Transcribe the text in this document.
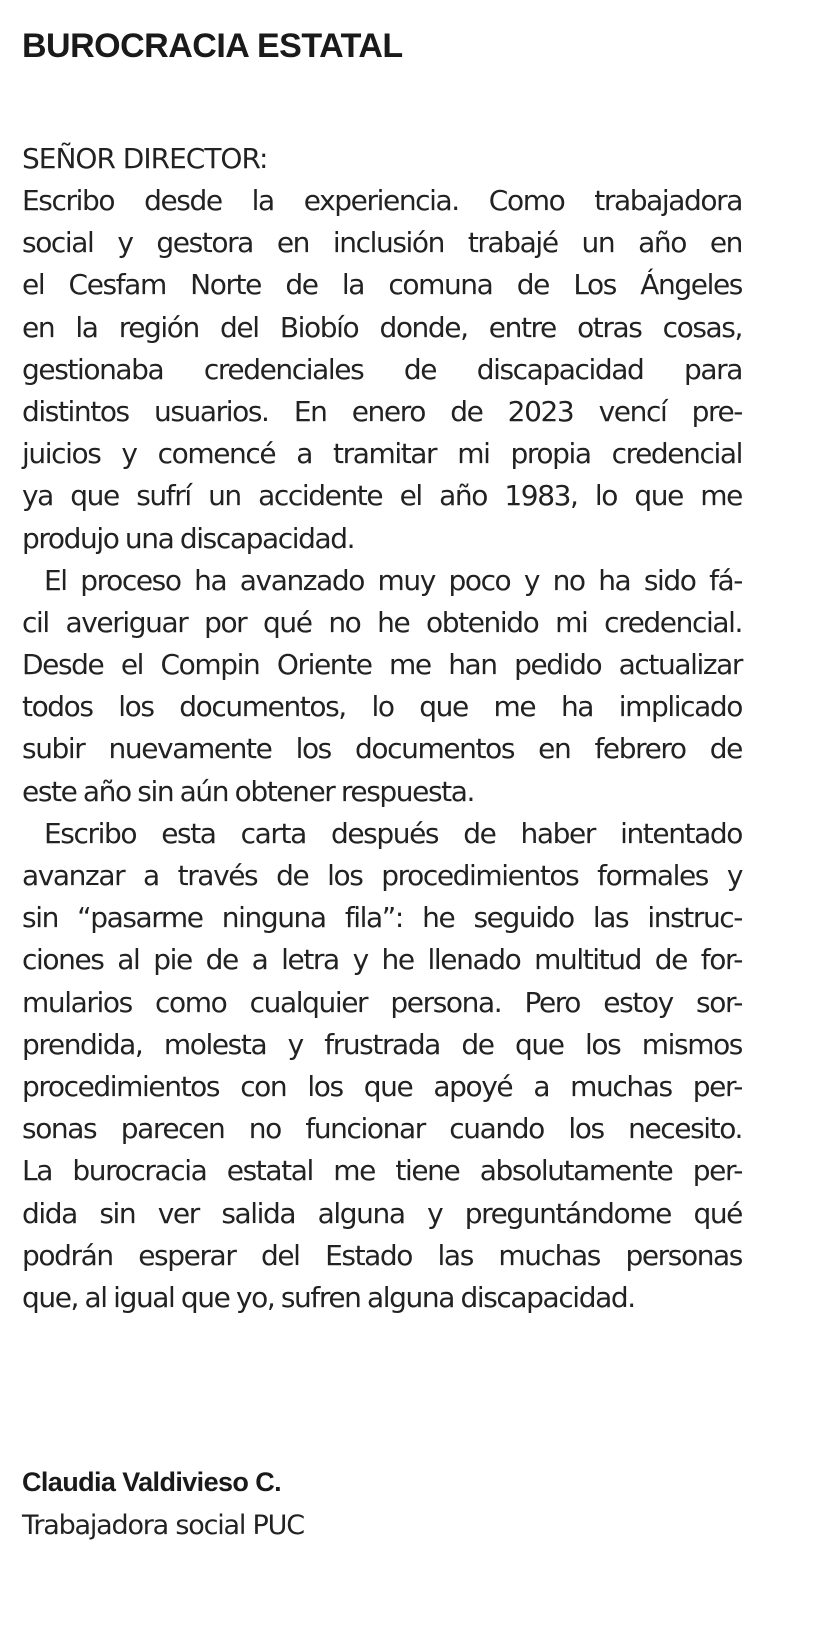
BUROCRACIA ESTATAL

SEÑOR DIRECTOR:

Escribo desde la experiencia. Como trabajadora
social y gestora en inclusión trabajé un año en
el Cesfam Norte de la comuna de Los Ángeles
en la región del Biobío donde, entre otras cosas,
gestionaba credenciales de discapacidad para
distintos usuarios. En enero de 2023 vencí pre-
juicios y comencé a tramitar mi propia credencial
ya que sufrí un accidente el año 1983, lo que me
produjo una discapacidad.
El proceso ha avanzado muy poco y no ha sido fá-
cil averiguar por qué no he obtenido mi credencial.
Desde el Compin Oriente me han pedido actualizar
todos los documentos, lo que me ha implicado
subir nuevamente los documentos en febrero de
este año sin aún obtener respuesta.
Escribo esta carta después de haber intentado
avanzar a través de los procedimientos formales y
sin “pasarme ninguna fila”: he seguido las instruc-
ciones al pie de a letra y he llenado multitud de for-
mularios como cualquier persona. Pero estoy sor-
prendida, molesta y frustrada de que los mismos
procedimientos con los que apoyé a muchas per-
sonas parecen no funcionar cuando los necesito.
La burocracia estatal me tiene absolutamente per-
dida sin ver salida alguna y preguntándome qué
podrán esperar del Estado las muchas personas
que, al igual que yo, sufren alguna discapacidad.

Claudia Valdivieso C.

Trabajadora social PUC
